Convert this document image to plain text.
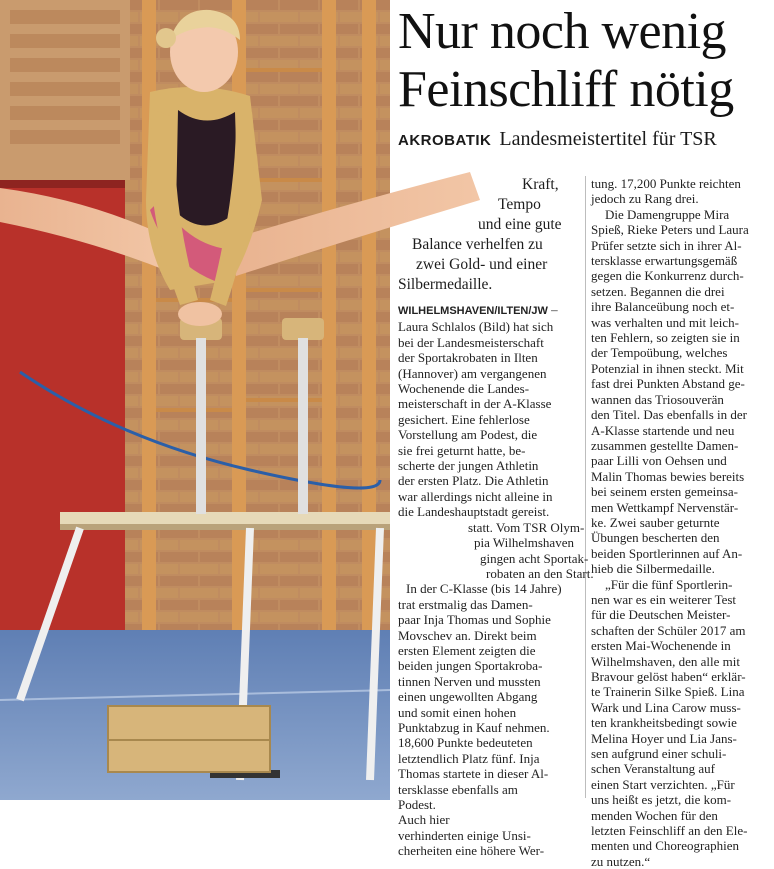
Nur noch wenig
Feinschliff nötig
AKROBATIK Landesmeistertitel für TSR
Kraft,
Tempo
und eine gute
Balance verhelfen zu
zwei Gold- und einer
Silbermedaille.
WILHELMSHAVEN/ILTEN/JW –
Laura Schlalos (Bild) hat sich
bei der Landesmeisterschaft
der Sportakrobaten in Ilten
(Hannover) am vergangenen
Wochenende die Landes-
meisterschaft in der A-Klasse
gesichert. Eine fehlerlose
Vorstellung am Podest, die
sie frei geturnt hatte, be-
scherte der jungen Athletin
der ersten Platz. Die Athletin
war allerdings nicht alleine in
die Landeshauptstadt gereist.
statt. Vom TSR Olym-
pia Wilhelmshaven
gingen acht Sportak-
robaten an den Start.
In der C-Klasse (bis 14 Jahre)
trat erstmalig das Damen-
paar Inja Thomas und Sophie
Movschev an. Direkt beim
ersten Element zeigten die
beiden jungen Sportakroba-
tinnen Nerven und mussten
einen ungewollten Abgang
und somit einen hohen
Punktabzug in Kauf nehmen.
18,600 Punkte bedeuteten
letztendlich Platz fünf. Inja
Thomas startete in dieser Al-
tersklasse ebenfalls am
Podest.
Auch hier
verhinderten einige Unsi-
cherheiten eine höhere Wer-
tung. 17,200 Punkte reichten
jedoch zu Rang drei.
Die Damengruppe Mira
Spieß, Rieke Peters und Laura
Prüfer setzte sich in ihrer Al-
tersklasse erwartungsgemäß
gegen die Konkurrenz durch-
setzen. Begannen die drei
ihre Balanceübung noch et-
was verhalten und mit leich-
ten Fehlern, so zeigten sie in
der Tempoübung, welches
Potenzial in ihnen steckt. Mit
fast drei Punkten Abstand ge-
wannen das Triosouverän
den Titel. Das ebenfalls in der
A-Klasse startende und neu
zusammen gestellte Damen-
paar Lilli von Oehsen und
Malin Thomas bewies bereits
bei seinem ersten gemeinsa-
men Wettkampf Nervenstär-
ke. Zwei sauber geturnte
Übungen bescherten den
beiden Sportlerinnen auf An-
hieb die Silbermedaille.
„Für die fünf Sportlerin-
nen war es ein weiterer Test
für die Deutschen Meister-
schaften der Schüler 2017 am
ersten Mai-Wochenende in
Wilhelmshaven, den alle mit
Bravour gelöst haben“ erklär-
te Trainerin Silke Spieß. Lina
Wark und Lina Carow muss-
ten krankheitsbedingt sowie
Melina Hoyer und Lia Jans-
sen aufgrund einer schuli-
schen Veranstaltung auf
einen Start verzichten. „Für
uns heißt es jetzt, die kom-
menden Wochen für den
letzten Feinschliff an den Ele-
menten und Choreographien
zu nutzen.“
